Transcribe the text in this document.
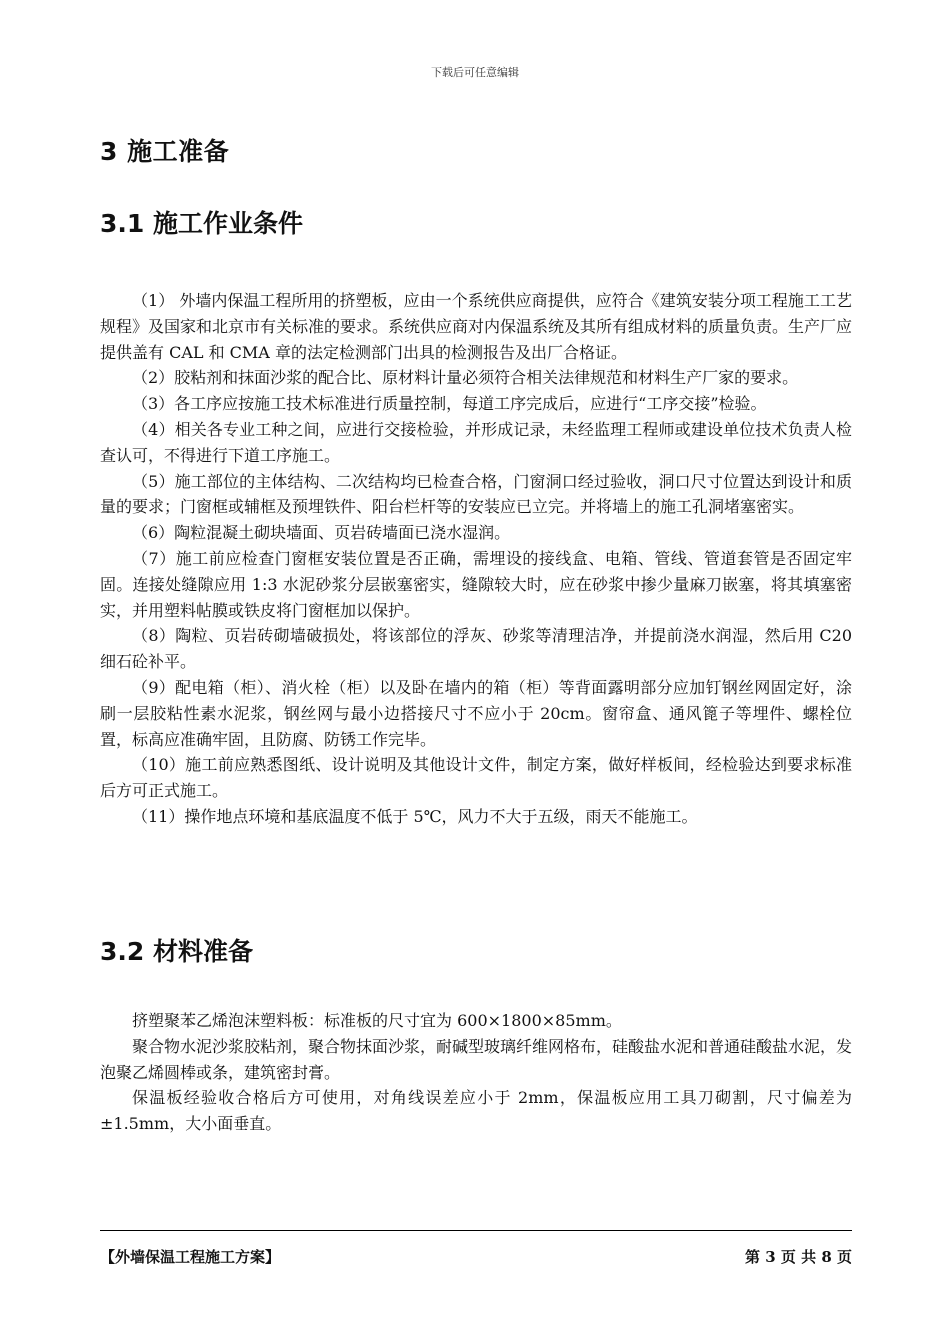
下载后可任意编辑
3 施工准备
3.1 施工作业条件

（1） 外墙内保温工程所用的挤塑板，应由一个系统供应商提供，应符合《建筑安装分项工程施工工艺规程》及国家和北京市有关标准的要求。系统供应商对内保温系统及其所有组成材料的质量负责。生产厂应提供盖有 CAL 和 CMA 章的法定检测部门出具的检测报告及出厂合格证。

（2）胶粘剂和抹面沙浆的配合比、原材料计量必须符合相关法律规范和材料生产厂家的要求。

（3）各工序应按施工技术标准进行质量控制，每道工序完成后，应进行“工序交接”检验。

（4）相关各专业工种之间，应进行交接检验，并形成记录，未经监理工程师或建设单位技术负责人检查认可，不得进行下道工序施工。

（5）施工部位的主体结构、二次结构均已检查合格，门窗洞口经过验收，洞口尺寸位置达到设计和质量的要求；门窗框或辅框及预埋铁件、阳台栏杆等的安装应已立完。并将墙上的施工孔洞堵塞密实。

（6）陶粒混凝土砌块墙面、页岩砖墙面已浇水湿润。

（7）施工前应检查门窗框安装位置是否正确，需埋设的接线盒、电箱、管线、管道套管是否固定牢固。连接处缝隙应用 1:3 水泥砂浆分层嵌塞密实，缝隙较大时，应在砂浆中掺少量麻刀嵌塞，将其填塞密实，并用塑料帖膜或铁皮将门窗框加以保护。

（8）陶粒、页岩砖砌墙破损处，将该部位的浮灰、砂浆等清理洁净，并提前浇水润湿，然后用 C20 细石砼补平。

（9）配电箱（柜）、消火栓（柜）以及卧在墙内的箱（柜）等背面露明部分应加钉钢丝网固定好，涂刷一层胶粘性素水泥浆，钢丝网与最小边搭接尺寸不应小于 20cm。窗帘盒、通风篦子等埋件、螺栓位置，标高应准确牢固，且防腐、防锈工作完毕。

（10）施工前应熟悉图纸、设计说明及其他设计文件，制定方案，做好样板间，经检验达到要求标准后方可正式施工。

（11）操作地点环境和基底温度不低于 5℃，风力不大于五级，雨天不能施工。

3.2 材料准备

挤塑聚苯乙烯泡沫塑料板：标准板的尺寸宜为 600×1800×85mm。

聚合物水泥沙浆胶粘剂，聚合物抹面沙浆，耐碱型玻璃纤维网格布，硅酸盐水泥和普通硅酸盐水泥，发泡聚乙烯圆棒或条，建筑密封膏。

保温板经验收合格后方可使用，对角线误差应小于 2mm，保温板应用工具刀砌割，尺寸偏差为±1.5mm，大小面垂直。

【外墙保温工程施工方案】	第 3 页 共 8 页
